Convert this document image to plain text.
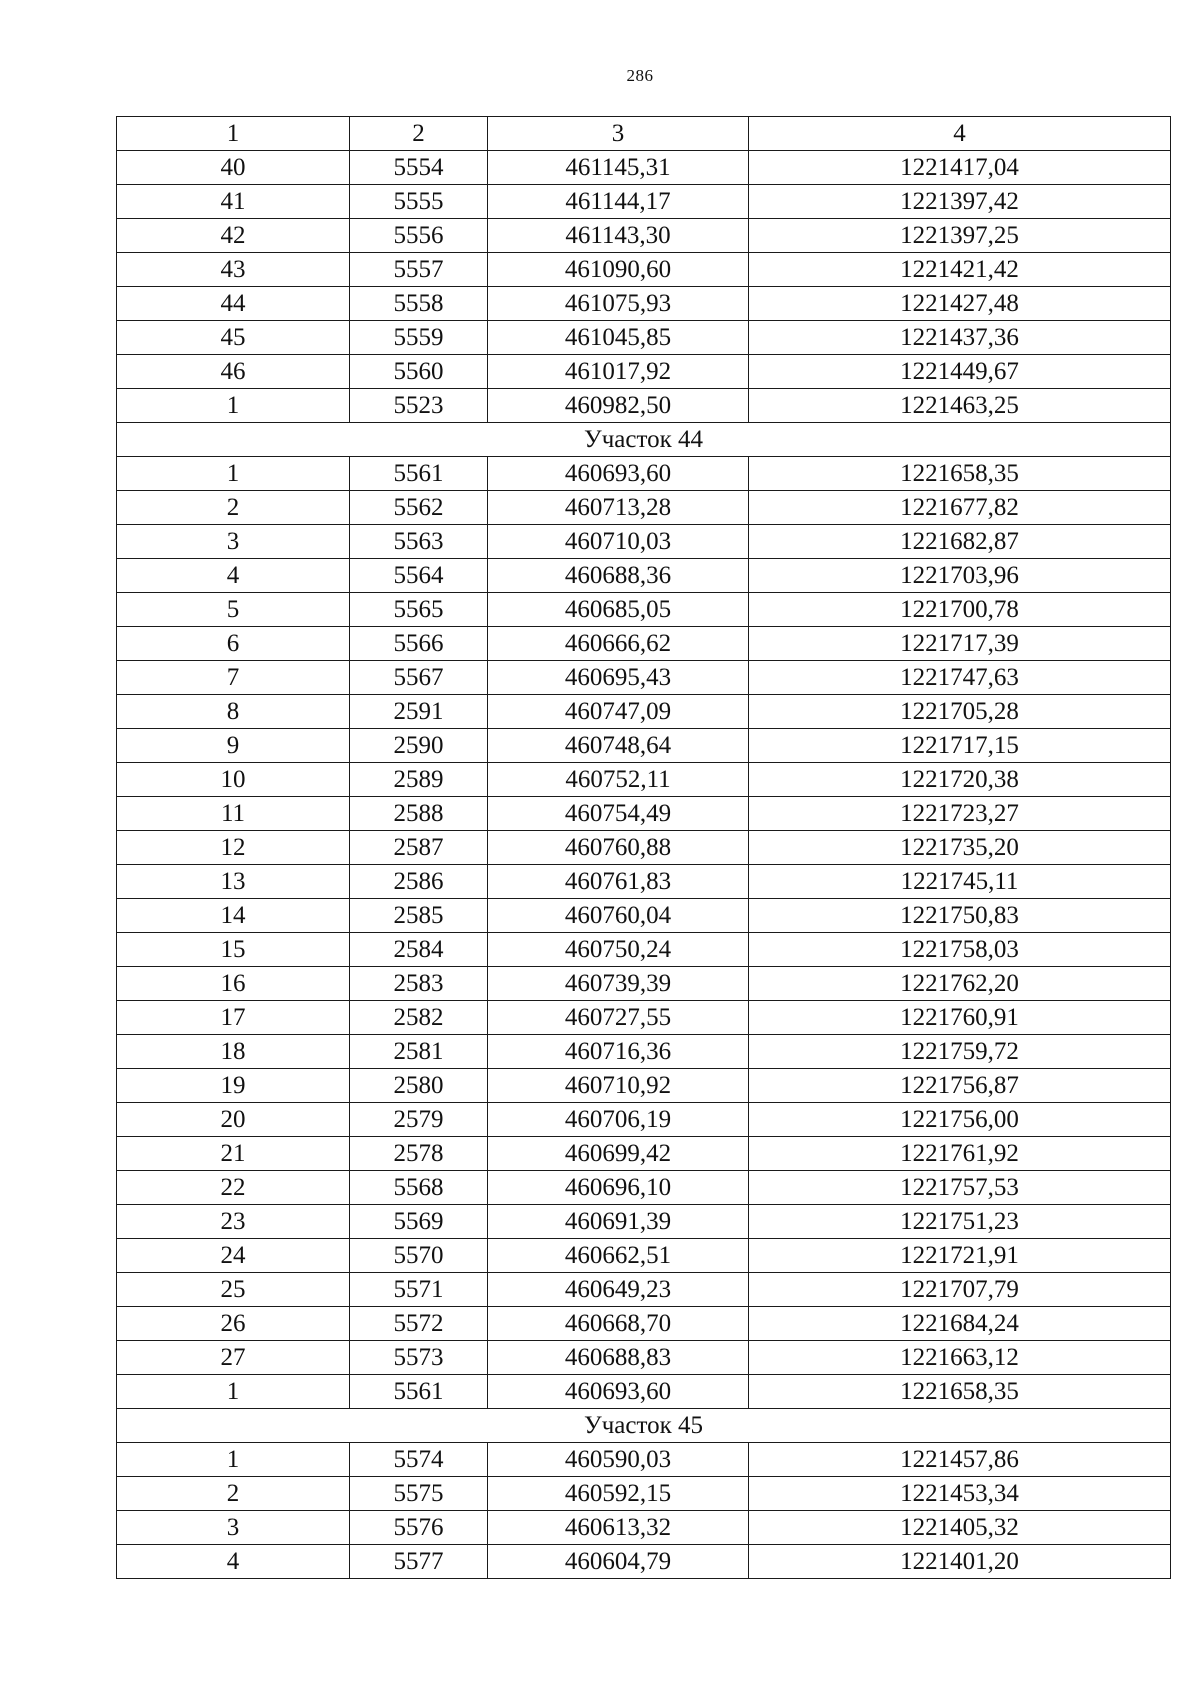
286
1	2	3	4
40	5554	461145,31	1221417,04
41	5555	461144,17	1221397,42
42	5556	461143,30	1221397,25
43	5557	461090,60	1221421,42
44	5558	461075,93	1221427,48
45	5559	461045,85	1221437,36
46	5560	461017,92	1221449,67
1	5523	460982,50	1221463,25
Участок 44			
1	5561	460693,60	1221658,35
2	5562	460713,28	1221677,82
3	5563	460710,03	1221682,87
4	5564	460688,36	1221703,96
5	5565	460685,05	1221700,78
6	5566	460666,62	1221717,39
7	5567	460695,43	1221747,63
8	2591	460747,09	1221705,28
9	2590	460748,64	1221717,15
10	2589	460752,11	1221720,38
11	2588	460754,49	1221723,27
12	2587	460760,88	1221735,20
13	2586	460761,83	1221745,11
14	2585	460760,04	1221750,83
15	2584	460750,24	1221758,03
16	2583	460739,39	1221762,20
17	2582	460727,55	1221760,91
18	2581	460716,36	1221759,72
19	2580	460710,92	1221756,87
20	2579	460706,19	1221756,00
21	2578	460699,42	1221761,92
22	5568	460696,10	1221757,53
23	5569	460691,39	1221751,23
24	5570	460662,51	1221721,91
25	5571	460649,23	1221707,79
26	5572	460668,70	1221684,24
27	5573	460688,83	1221663,12
1	5561	460693,60	1221658,35
Участок 45			
1	5574	460590,03	1221457,86
2	5575	460592,15	1221453,34
3	5576	460613,32	1221405,32
4	5577	460604,79	1221401,20
